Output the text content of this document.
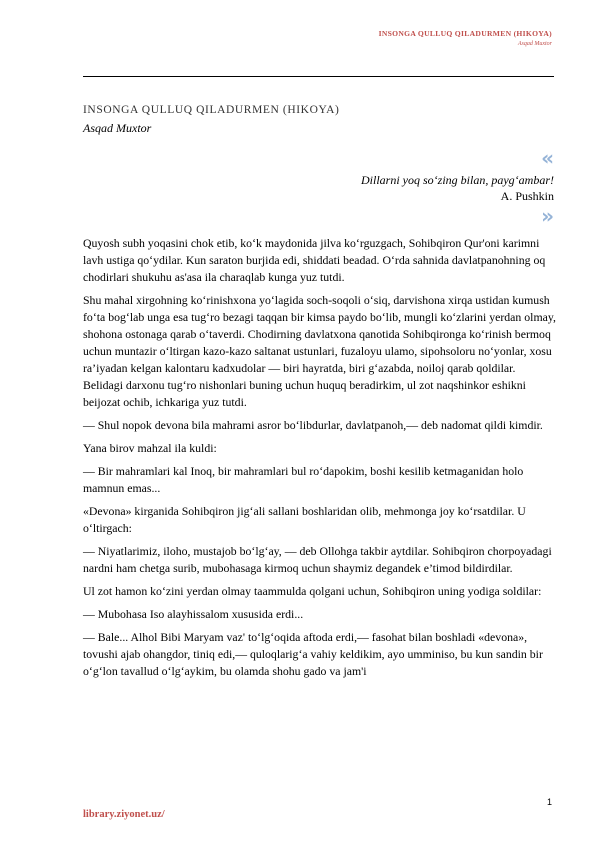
INSONGA QULLUQ QILADURMEN (HIKOYA)
Asqad Muxtor
INSONGA QULLUQ QILADURMEN (HIKOYA)
Asqad Muxtor
«
Dillarni yoq so‘zing bilan, payg‘ambar!
A. Pushkin
»

Quyosh subh yoqasini chok etib, ko‘k maydonida jilva ko‘rguzgach, Sohibqiron Qur'oni karimni lavh ustiga qo‘ydilar. Kun saraton burjida edi, shiddati beadad. O‘rda sahnida davlatpanohning oq chodirlari shukuhu as'asa ila charaqlab kunga yuz tutdi.

Shu mahal xirgohning ko‘rinishxona yo‘lagida soch-soqoli o‘siq, darvishona xirqa ustidan kumush fo‘ta bog‘lab unga esa tug‘ro bezagi taqqan bir kimsa paydo bo‘lib, mungli ko‘zlarini yerdan olmay, shohona ostonaga qarab o‘taverdi. Chodirning davlatxona qanotida Sohibqironga ko‘rinish bermoq uchun muntazir o‘ltirgan kazo-kazo saltanat ustunlari, fuzaloyu ulamo, sipohsoloru no‘yonlar, xosu ra’iyadan kelgan kalontaru kadxudolar — biri hayratda, biri g‘azabda, noiloj qarab qoldilar. Belidagi darxonu tug‘ro nishonlari buning uchun huquq beradirkim, ul zot naqshinkor eshikni beijozat ochib, ichkariga yuz tutdi.

— Shul nopok devona bila mahrami asror bo‘libdurlar, davlatpanoh,— deb nadomat qildi kimdir.

Yana birov mahzal ila kuldi:

— Bir mahramlari kal Inoq, bir mahramlari bul ro‘dapokim, boshi kesilib ketmaganidan holo mamnun emas...

«Devona» kirganida Sohibqiron jig‘ali sallani boshlaridan olib, mehmonga joy ko‘rsatdilar. U o‘ltirgach:

— Niyatlarimiz, iloho, mustajob bo‘lg‘ay, — deb Ollohga takbir aytdilar. Sohibqiron chorpoyadagi nardni ham chetga surib, mubohasaga kirmoq uchun shaymiz degandek e’timod bildirdilar.

Ul zot hamon ko‘zini yerdan olmay taammulda qolgani uchun, Sohibqiron uning yodiga soldilar:

— Mubohasa Iso alayhissalom xususida erdi...

— Bale... Alhol Bibi Maryam vaz' to‘lg‘oqida aftoda erdi,— fasohat bilan boshladi «devona», tovushi ajab ohangdor, tiniq edi,— quloqlarig‘a vahiy keldikim, ayo umminiso, bu kun sandin bir o‘g‘lon tavallud o‘lg‘aykim, bu olamda shohu gado va jam'i

1
library.ziyonet.uz/
